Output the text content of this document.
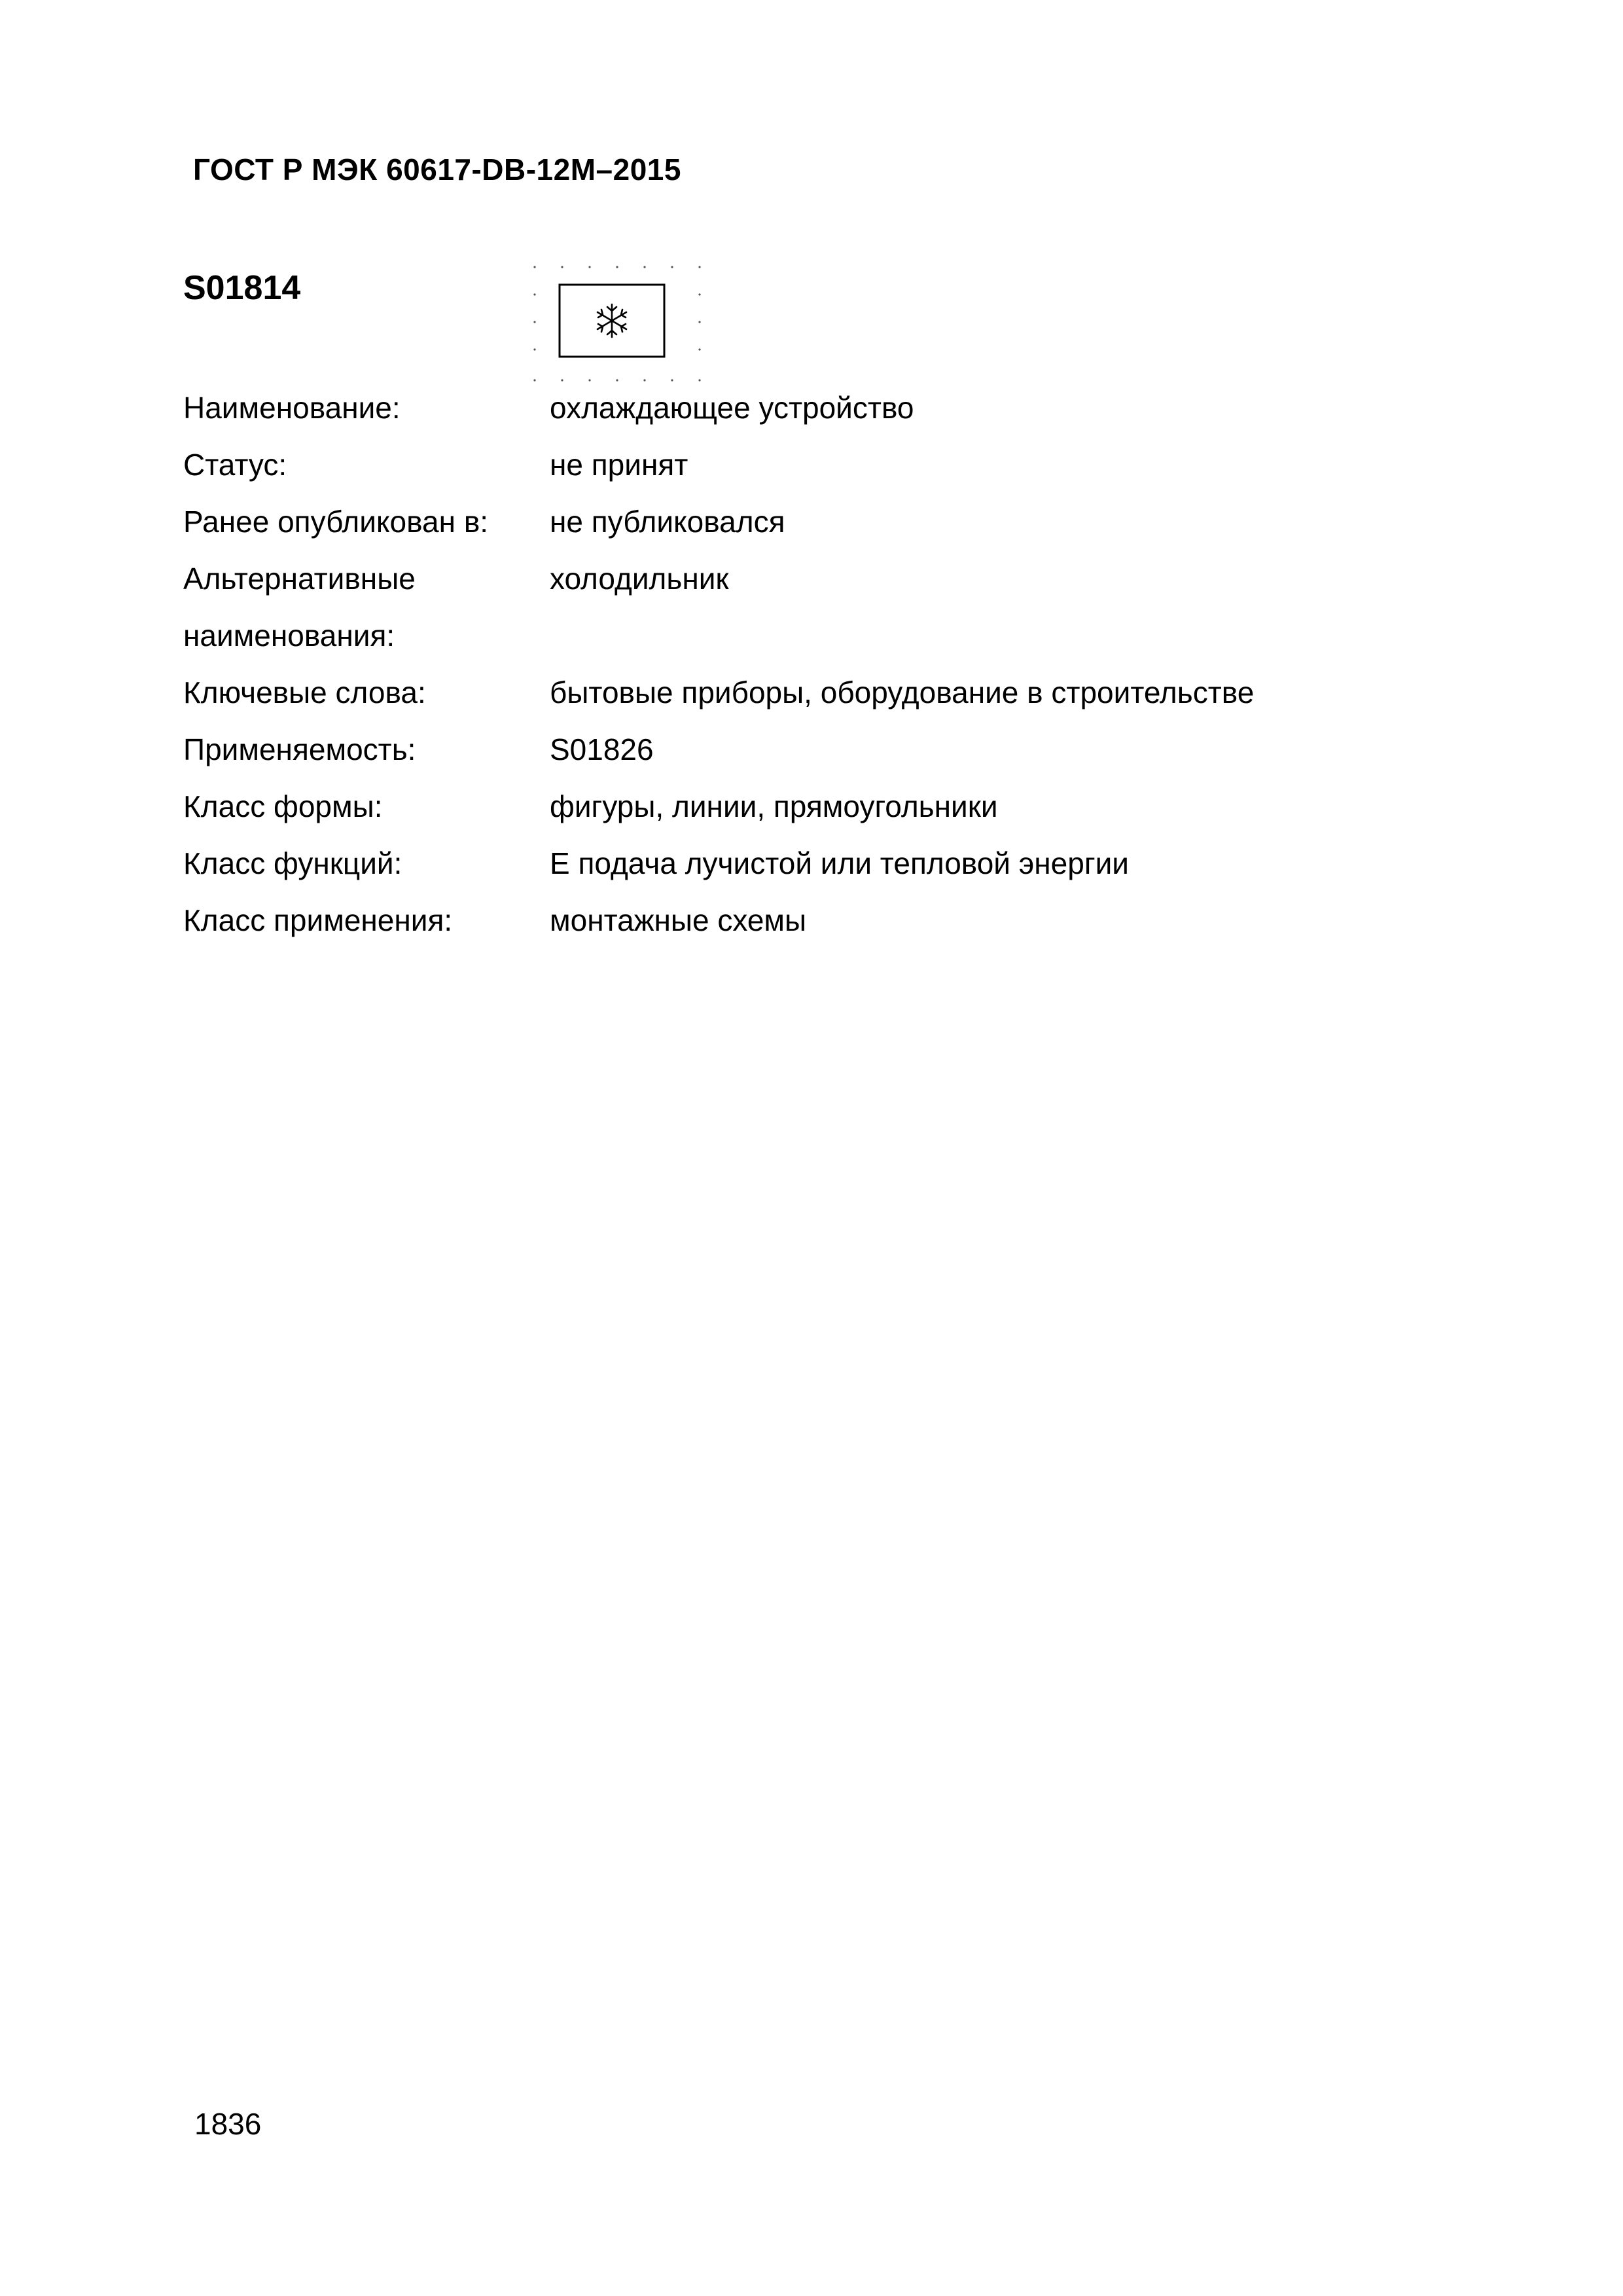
ГОСТ Р МЭК 60617-DB-12М–2015
S01814
Наименование:	охлаждающее устройство
Статус:	не принят
Ранее опубликован в:	не публиковался
Альтернативные наименования:
холодильник
Ключевые слова:	бытовые приборы, оборудование в строительстве
Применяемость:	S01826
Класс формы:	фигуры, линии, прямоугольники
Класс функций:	Е подача лучистой или тепловой энергии
Класс применения:	монтажные схемы
1836
